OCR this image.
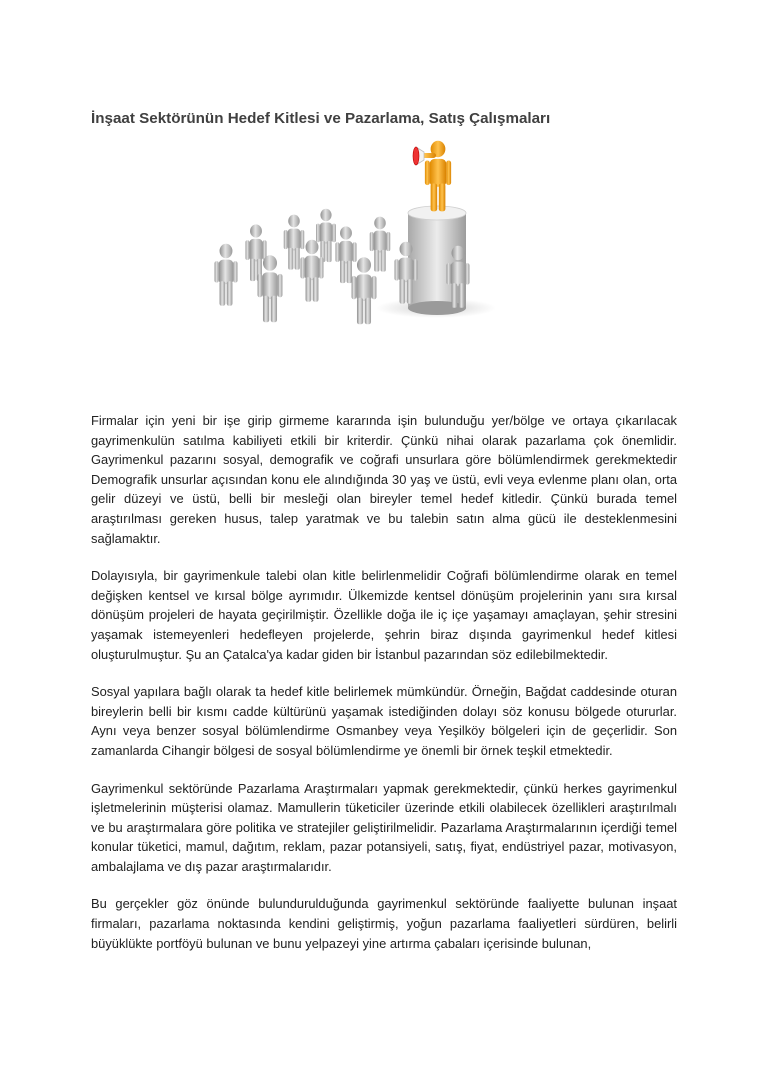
İnşaat Sektörünün Hedef Kitlesi ve Pazarlama, Satış Çalışmaları

Firmalar için yeni bir işe girip girmeme kararında işin bulunduğu yer/bölge ve ortaya çıkarılacak gayrimenkulün satılma kabiliyeti etkili bir kriterdir. Çünkü nihai olarak pazarlama çok önemlidir. Gayrimenkul pazarını sosyal, demografik ve coğrafi unsurlara göre bölümlendirmek gerekmektedir Demografik unsurlar açısından konu ele alındığında 30 yaş ve üstü, evli veya evlenme planı olan, orta gelir düzeyi ve üstü, belli bir mesleği olan bireyler temel hedef kitledir. Çünkü burada temel araştırılması gereken husus, talep yaratmak ve bu talebin satın alma gücü ile desteklenmesini sağlamaktır.

Dolayısıyla, bir gayrimenkule talebi olan kitle belirlenmelidir Coğrafi bölümlendirme olarak en temel değişken kentsel ve kırsal bölge ayrımıdır. Ülkemizde kentsel dönüşüm projelerinin yanı sıra kırsal dönüşüm projeleri de hayata geçirilmiştir. Özellikle doğa ile iç içe yaşamayı amaçlayan, şehir stresini yaşamak istemeyenleri hedefleyen projelerde, şehrin biraz dışında gayrimenkul hedef kitlesi oluşturulmuştur. Şu an Çatalca'ya kadar giden bir İstanbul pazarından söz edilebilmektedir.

Sosyal yapılara bağlı olarak ta hedef kitle belirlemek mümkündür. Örneğin, Bağdat caddesinde oturan bireylerin belli bir kısmı cadde kültürünü yaşamak istediğinden dolayı söz konusu bölgede otururlar. Aynı veya benzer sosyal bölümlendirme Osmanbey veya Yeşilköy bölgeleri için de geçerlidir. Son zamanlarda Cihangir bölgesi de sosyal bölümlendirme ye önemli bir örnek teşkil etmektedir.

Gayrimenkul sektöründe Pazarlama Araştırmaları yapmak gerekmektedir, çünkü herkes gayrimenkul işletmelerinin müşterisi olamaz. Mamullerin tüketiciler üzerinde etkili olabilecek özellikleri araştırılmalı ve bu araştırmalara göre politika ve stratejiler geliştirilmelidir. Pazarlama Araştırmalarının içerdiği temel konular tüketici, mamul, dağıtım, reklam, pazar potansiyeli, satış, fiyat, endüstriyel pazar, motivasyon, ambalajlama ve dış pazar araştırmalarıdır.

Bu gerçekler göz önünde bulundurulduğunda gayrimenkul sektöründe faaliyette bulunan inşaat firmaları, pazarlama noktasında kendini geliştirmiş, yoğun pazarlama faaliyetleri sürdüren, belirli büyüklükte portföyü bulunan ve bunu yelpazeyi yine artırma çabaları içerisinde bulunan,
